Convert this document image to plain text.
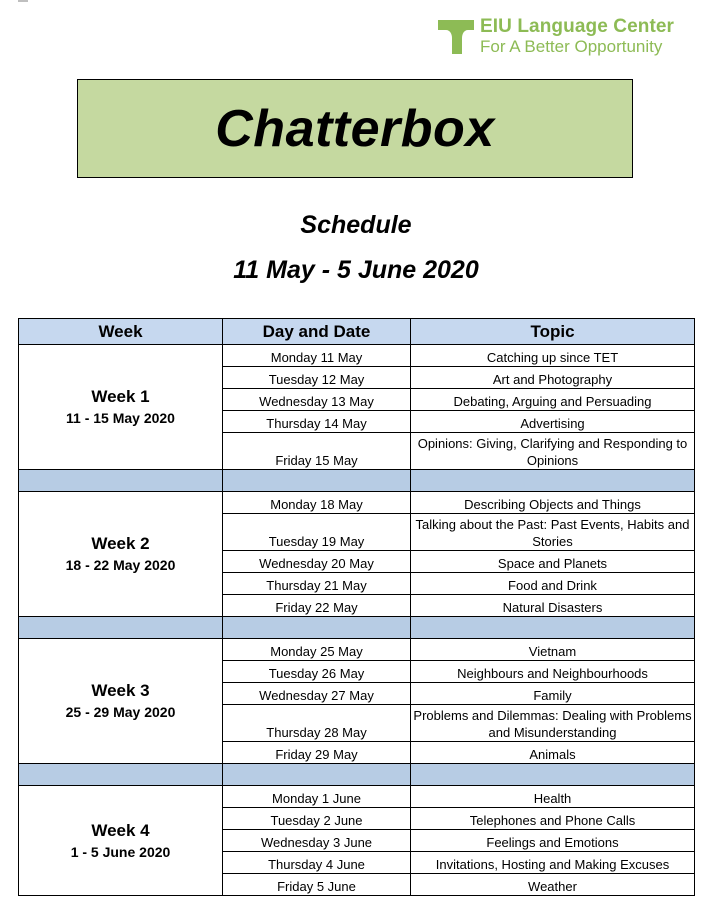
EIU Language Center
For A Better Opportunity
Chatterbox
Schedule
11 May - 5 June 2020
Week	Day and Date	Topic

Week 1
11 - 15 May 2020	Monday 11 May	Catching up since TET
	Tuesday 12 May	Art and Photography
	Wednesday 13 May	Debating, Arguing and Persuading
	Thursday 14 May	Advertising
	Friday 15 May	Opinions: Giving, Clarifying and Responding to Opinions

Week 2
18 - 22 May 2020	Monday 18 May	Describing Objects and Things
	Tuesday 19 May	Talking about the Past: Past Events, Habits and Stories
	Wednesday 20 May	Space and Planets
	Thursday 21 May	Food and Drink
	Friday 22 May	Natural Disasters

Week 3
25 - 29 May 2020	Monday 25 May	Vietnam
	Tuesday 26 May	Neighbours and Neighbourhoods
	Wednesday 27 May	Family
	Thursday 28 May	Problems and Dilemmas: Dealing with Problems and Misunderstanding
	Friday 29 May	Animals

Week 4
1 - 5 June 2020	Monday 1 June	Health
	Tuesday 2 June	Telephones and Phone Calls
	Wednesday 3 June	Feelings and Emotions
	Thursday 4 June	Invitations, Hosting and Making Excuses
	Friday 5 June	Weather
